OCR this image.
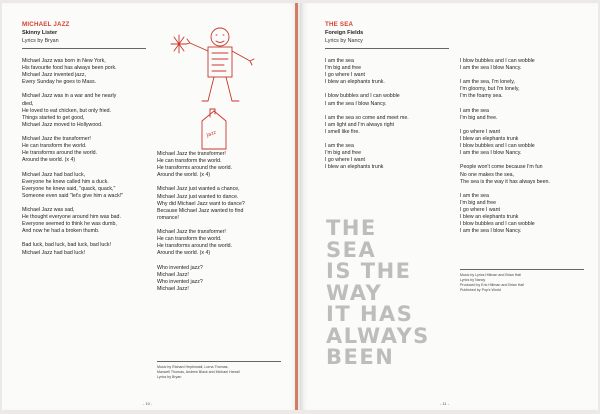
MICHAEL JAZZ
Skinny Lister
Lyrics by Bryan

Michael Jazz was born in New York,
His favourite food has always been pork.
Michael Jazz invented jazz,
Every Sunday he goes to Mass.

Michael Jazz was in a war and he nearly
died,
He loved to eat chicken, but only fried.
Things started to get good,
Michael Jazz moved to Hollywood.

Michael Jazz the transformer!
He can transform the world.
He transforms around the world.
Around the world. (x 4)

Michael Jazz had bad luck,
Everyone he knew called him a duck.
Everyone he knew said, "quack, quack,"
Someone even said "let's give him a wack!"

Michael Jazz was sad,
He thought everyone around him was bad.
Everyone seemed to think he was dumb,
And now he had a broken thumb.

Bad luck, bad luck, bad luck, bad luck!
Michael Jazz had bad luck!

Michael Jazz the transformer!
He can transform the world.
He transforms around the world.
Around the world. (x 4)

Michael Jazz just wanted a chance,
Michael Jazz just wanted to dance.
Why did Michael Jazz want to dance?
Because Michael Jazz wanted to find
romance!

Michael Jazz the transformer!
He can transform the world.
He transforms around the world.
Around the world. (x 4)

Who invented jazz?
Michael Jazz!
Who invented jazz?
Michael Jazz!

Music by Richard Heptinstall, Lorna Thomas,
Maxwell Thomas, Andrew Black and Michael Harrall
Lyrics by Bryan
Jazz
- 10 -
THE SEA
Foreign Fields
Lyrics by Nancy

I am the sea
I'm big and free
I go where I want
I blew an elephants trunk.

I blow bubbles and I can wobble
I am the sea I blow Nancy.

I am the sea so come and meet me.
I am light and I'm always right
I smell like fire.

I am the sea
I'm big and free
I go where I want
I blew an elephants trunk

I blow bubbles and I can wobble
I am the sea I blow Nancy.

I am the sea, I'm lonely,
I'm gloomy, but I'm lonely,
I'm the foamy sea.

I am the sea
I'm big and free.

I go where I want
I blew an elephants trunk
I blow bubbles and I can wobble
I am the sea I blow Nancy.

People won't come because I'm fun
No one makes the sea,
The sea is the way it has always been.

I am the sea
I'm big and free
I go where I want
I blew an elephants trunk
I blow bubbles and I can wobble
I am the sea I blow Nancy.

THE
SEA
IS THE
WAY
IT HAS
ALWAYS
BEEN
Music by Lyrics Hillman and Brian Hall
Lyrics by Nancy
Produced by Eric Hillman and Brian Hall
Published by Pop's World
- 11 -
